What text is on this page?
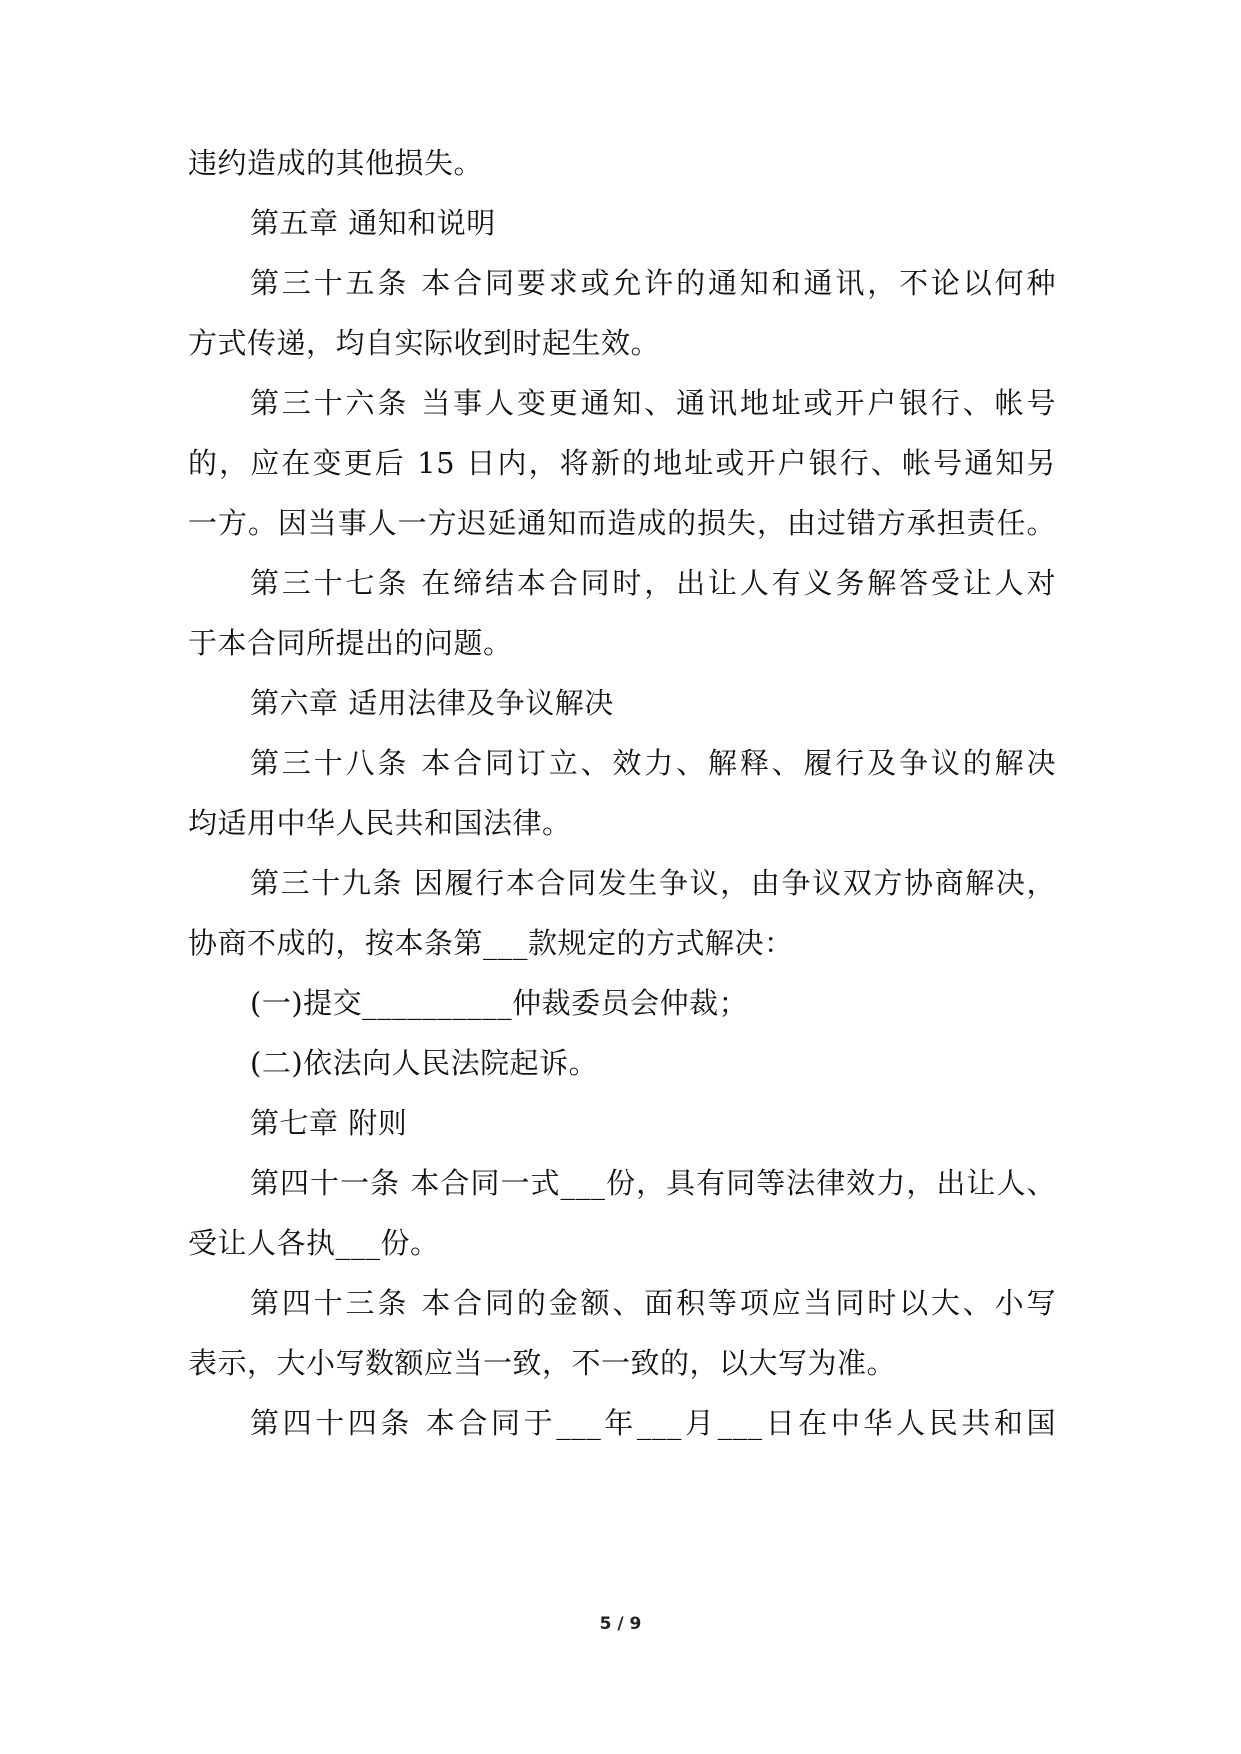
违约造成的其他损失。
第五章 通知和说明
第三十五条 本合同要求或允许的通知和通讯，不论以何种
方式传递，均自实际收到时起生效。
第三十六条 当事人变更通知、通讯地址或开户银行、帐号
的，应在变更后 15 日内，将新的地址或开户银行、帐号通知另
一方。因当事人一方迟延通知而造成的损失，由过错方承担责任。
第三十七条 在缔结本合同时，出让人有义务解答受让人对
于本合同所提出的问题。
第六章 适用法律及争议解决
第三十八条 本合同订立、效力、解释、履行及争议的解决
均适用中华人民共和国法律。
第三十九条 因履行本合同发生争议，由争议双方协商解决，
协商不成的，按本条第___款规定的方式解决：
(一)提交__________仲裁委员会仲裁；
(二)依法向人民法院起诉。
第七章 附则
第四十一条 本合同一式___份，具有同等法律效力，出让人、
受让人各执___份。
第四十三条 本合同的金额、面积等项应当同时以大、小写
表示，大小写数额应当一致，不一致的，以大写为准。
第四十四条 本合同于___年___月___日在中华人民共和国
5 / 9
